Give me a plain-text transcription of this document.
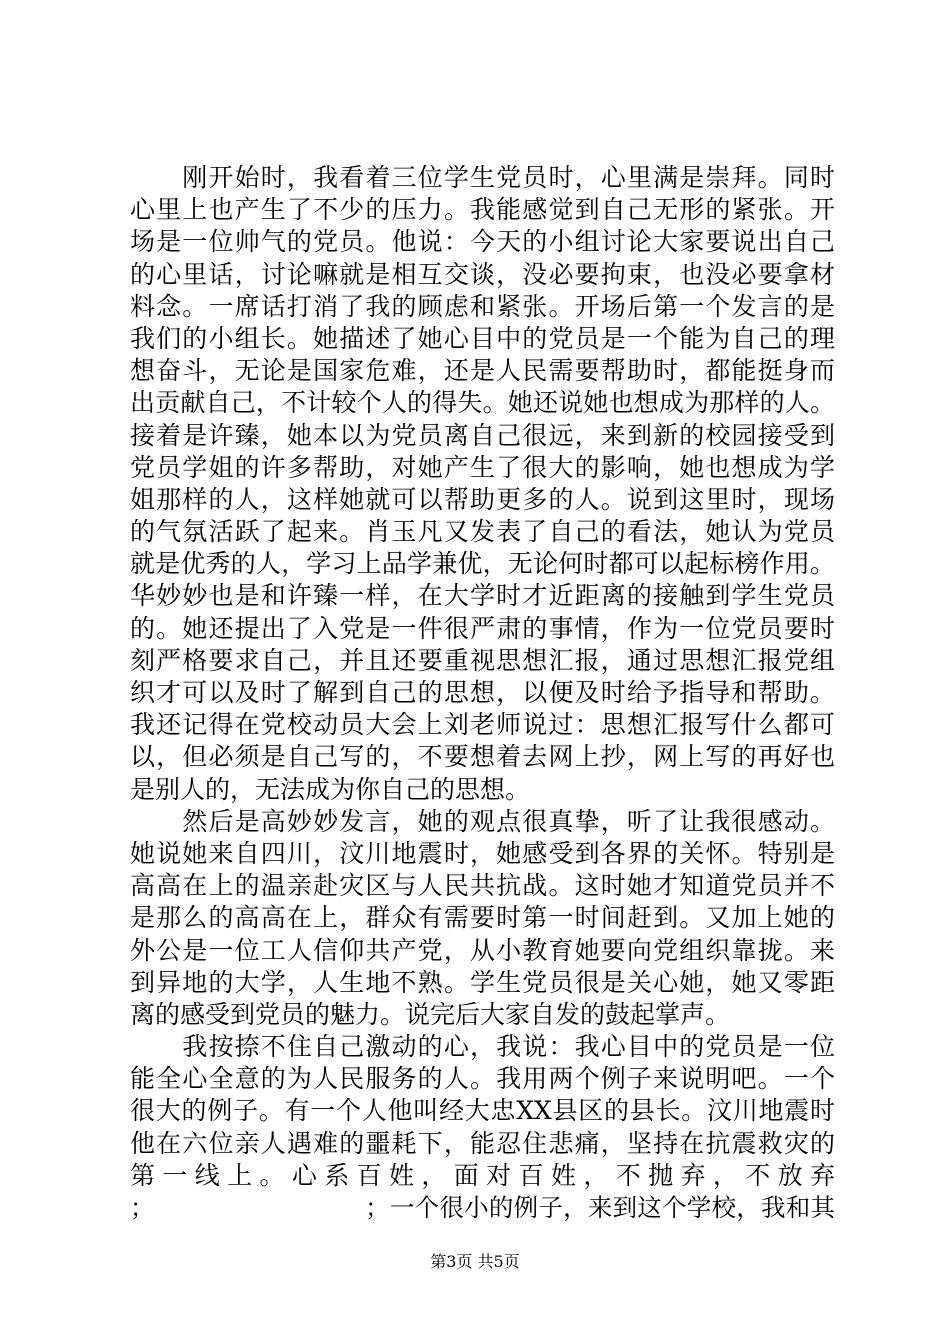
　　刚开始时，我看着三位学生党员时，心里满是崇拜。同时
心里上也产生了不少的压力。我能感觉到自己无形的紧张。开
场是一位帅气的党员。他说：今天的小组讨论大家要说出自己
的心里话，讨论嘛就是相互交谈，没必要拘束，也没必要拿材
料念。一席话打消了我的顾虑和紧张。开场后第一个发言的是
我们的小组长。她描述了她心目中的党员是一个能为自己的理
想奋斗，无论是国家危难，还是人民需要帮助时，都能挺身而
出贡献自己，不计较个人的得失。她还说她也想成为那样的人。
接着是许臻，她本以为党员离自己很远，来到新的校园接受到
党员学姐的许多帮助，对她产生了很大的影响，她也想成为学
姐那样的人，这样她就可以帮助更多的人。说到这里时，现场
的气氛活跃了起来。肖玉凡又发表了自己的看法，她认为党员
就是优秀的人，学习上品学兼优，无论何时都可以起标榜作用。
华妙妙也是和许臻一样，在大学时才近距离的接触到学生党员
的。她还提出了入党是一件很严肃的事情，作为一位党员要时
刻严格要求自己，并且还要重视思想汇报，通过思想汇报党组
织才可以及时了解到自己的思想，以便及时给予指导和帮助。
我还记得在党校动员大会上刘老师说过：思想汇报写什么都可
以，但必须是自己写的，不要想着去网上抄，网上写的再好也
是别人的，无法成为你自己的思想。
　　然后是高妙妙发言，她的观点很真挚，听了让我很感动。
她说她来自四川，汶川地震时，她感受到各界的关怀。特别是
高高在上的温亲赴灾区与人民共抗战。这时她才知道党员并不
是那么的高高在上，群众有需要时第一时间赶到。又加上她的
外公是一位工人信仰共产党，从小教育她要向党组织靠拢。来
到异地的大学，人生地不熟。学生党员很是关心她，她又零距
离的感受到党员的魅力。说完后大家自发的鼓起掌声。
　　我按捺不住自己激动的心，我说：我心目中的党员是一位
能全心全意的为人民服务的人。我用两个例子来说明吧。一个
很大的例子。有一个人他叫经大忠XX县区的县长。汶川地震时
他在六位亲人遇难的噩耗下，能忍住悲痛，坚持在抗震救灾的
第一线上。心系百姓，面对百姓，不抛弃，不放弃
；　　　　　　　　　；一个很小的例子，来到这个学校，我和其
第3页 共5页
